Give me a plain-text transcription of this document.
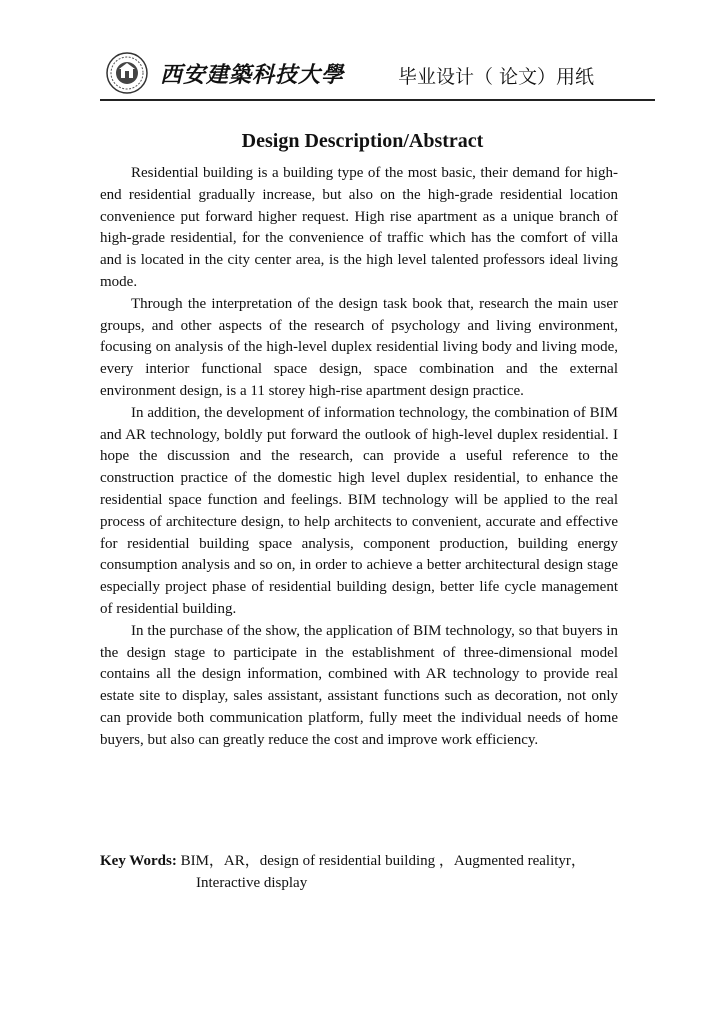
西安建築科技大學	毕业设计（ 论文）用纸
Design Description/Abstract

Residential building is a building type of the most basic, their demand for high-end residential gradually increase, but also on the high-grade residential location convenience put forward higher request. High rise apartment as a unique branch of high-grade residential, for the convenience of traffic which has the comfort of villa and is located in the city center area, is the high level talented professors ideal living mode.

Through the interpretation of the design task book that, research the main user groups, and other aspects of the research of psychology and living environment, focusing on analysis of the high-level duplex residential living body and living mode, every interior functional space design, space combination and the external environment design, is a 11 storey high-rise apartment design practice.

In addition, the development of information technology, the combination of BIM and AR technology, boldly put forward the outlook of high-level duplex residential. I hope the discussion and the research, can provide a useful reference to the construction practice of the domestic high level duplex residential, to enhance the residential space function and feelings. BIM technology will be applied to the real process of architecture design, to help architects to convenient, accurate and effective for residential building space analysis, component production, building energy consumption analysis and so on, in order to achieve a better architectural design stage especially project phase of residential building design, better life cycle management of residential building.

In the purchase of the show, the application of BIM technology, so that buyers in the design stage to participate in the establishment of three-dimensional model contains all the design information, combined with AR technology to provide real estate site to display, sales assistant, assistant functions such as decoration, not only can provide both communication platform, fully meet the individual needs of home buyers, but also can greatly reduce the cost and improve work efficiency.

Key Words: BIM，AR，design of residential building ，Augmented realityr，
Interactive display
